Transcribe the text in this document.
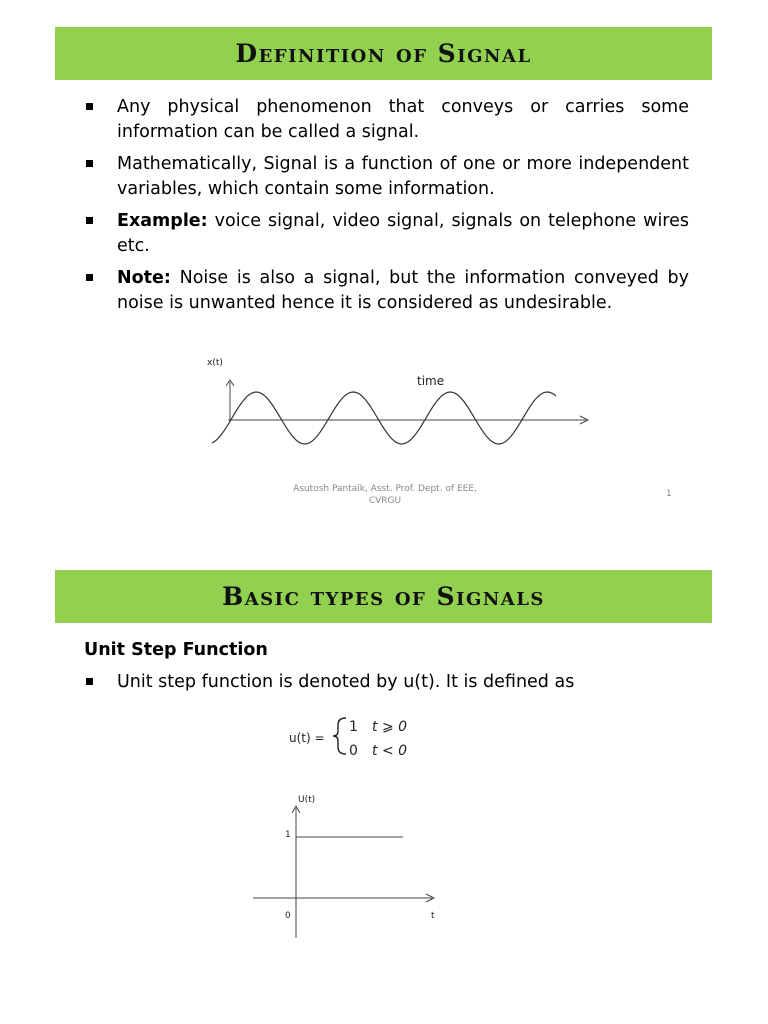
Definition of Signal
Any physical phenomenon that conveys or carries some information can be called a signal.
Mathematically, Signal is a function of one or more independent variables, which contain some information.
Example: voice signal, video signal, signals on telephone wires etc.
Note: Noise is also a signal, but the information conveyed by noise is unwanted hence it is considered as undesirable.
x(t)
time
Asutosh Pantaik, Asst. Prof. Dept. of EEE,
CVRGU
1
Basic types of Signals
Unit Step Function
Unit step function is denoted by u(t). It is defined as
u(t) =
1 t ⩾ 0
0 t < 0
U(t)
1
0	t
